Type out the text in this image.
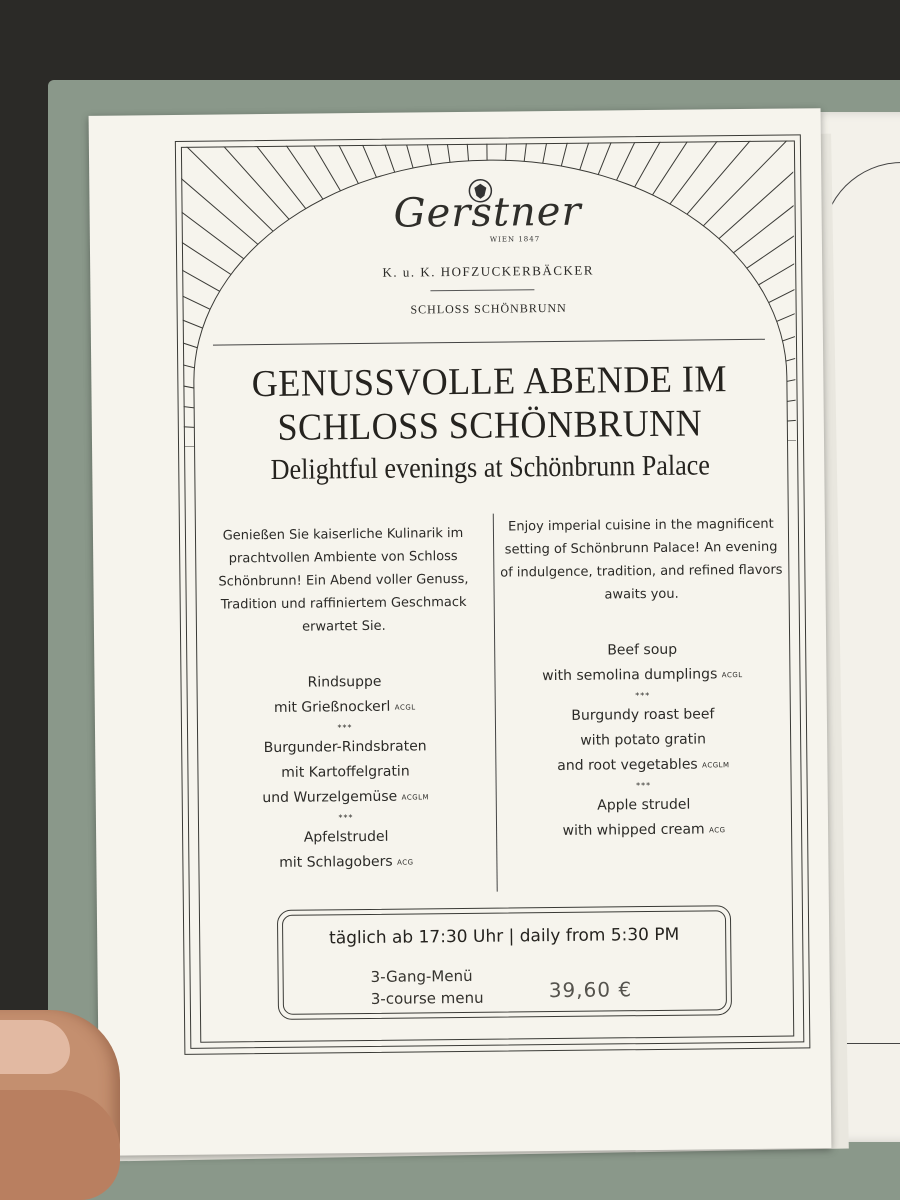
Gerstner
WIEN 1847
K. u. K. HOFZUCKERBÄCKER
SCHLOSS SCHÖNBRUNN
GENUSSVOLLE ABENDE IM
SCHLOSS SCHÖNBRUNN
Delightful evenings at Schönbrunn Palace
Genießen Sie kaiserliche Kulinarik im prachtvollen Ambiente von Schloss Schönbrunn! Ein Abend voller Genuss, Tradition und raffiniertem Geschmack erwartet Sie.
Rindsuppe
mit Grießnockerl ACGL
***
Burgunder-Rindsbraten
mit Kartoffelgratin
und Wurzelgemüse ACGLM
***
Apfelstrudel
mit Schlagobers ACG
Enjoy imperial cuisine in the magnificent setting of Schönbrunn Palace! An evening of indulgence, tradition, and refined flavors awaits you.
Beef soup
with semolina dumplings ACGL
***
Burgundy roast beef
with potato gratin
and root vegetables ACGLM
***
Apple strudel
with whipped cream ACG
täglich ab 17:30 Uhr | daily from 5:30 PM
3-Gang-Menü
3-course menu	39,60 €
